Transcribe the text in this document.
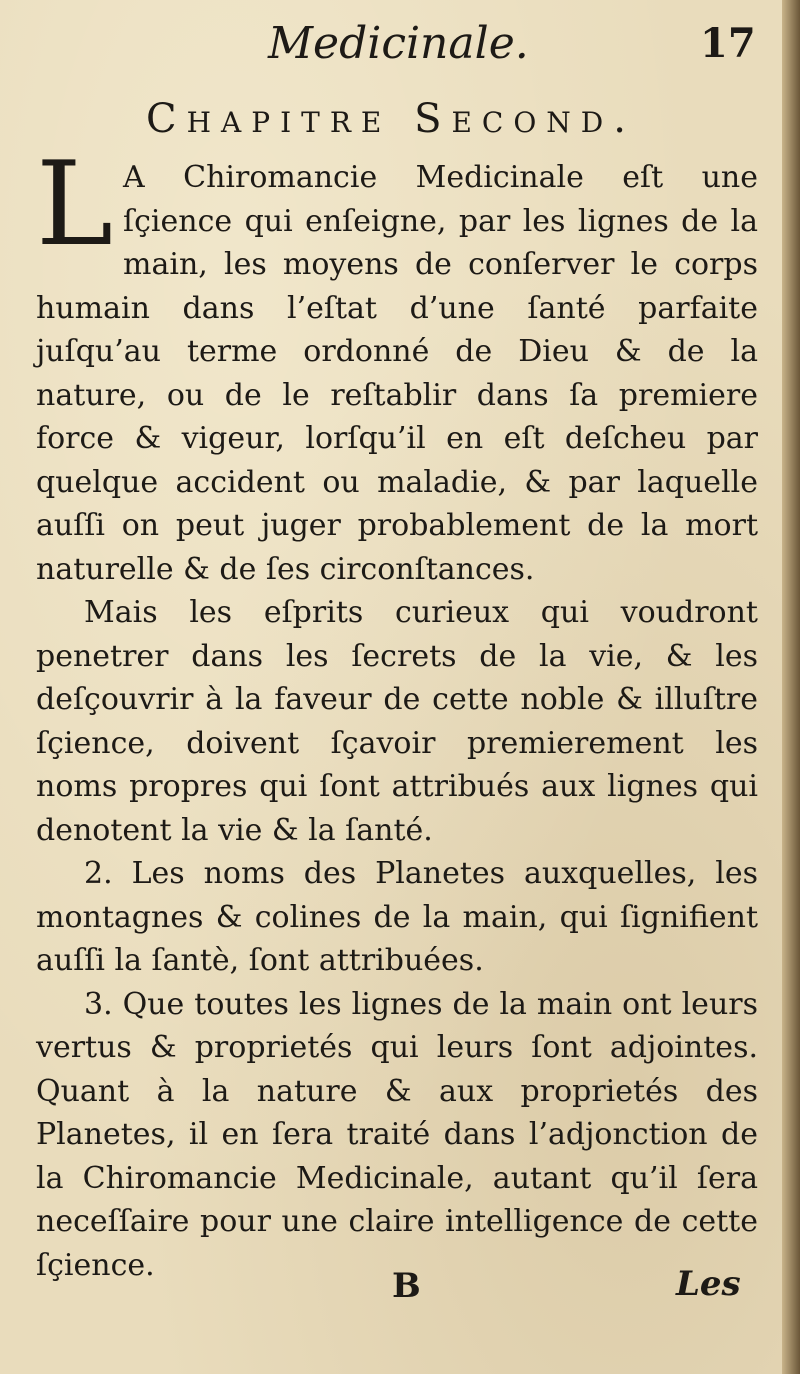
Medicinale.	17
Chapitre Second.

L A Chiromancie Medicinale eſt une ſçience qui enſeigne, par les lignes de la main, les moyens de conſerver le corps humain dans l’eſtat d’une ſanté parfaite juſqu’au terme ordonné de Dieu & de la nature, ou de le reſtablir dans ſa premiere force & vigeur, lorſqu’il en eſt deſcheu par quelque accident ou maladie, & par laquelle auſſi on peut juger probablement de la mort naturelle & de ſes circonſtances.

Mais les eſprits curieux qui voudront penetrer dans les ſecrets de la vie, & les deſçouvrir à la faveur de cette noble & illuſtre ſçience, doivent ſçavoir premierement les noms propres qui ſont attribués aux lignes qui denotent la vie & la ſanté.

2. Les noms des Planetes auxquelles, les montagnes & colines de la main, qui ſignifient auſſi la ſantè, ſont attribuées.

3. Que toutes les lignes de la main ont leurs vertus & proprietés qui leurs ſont adjointes. Quant à la nature & aux proprietés des Planetes, il en ſera traité dans l’adjonction de la Chiromancie Medicinale, autant qu’il ſera neceſſaire pour une claire intelligence de cette ſçience.

B	Les
